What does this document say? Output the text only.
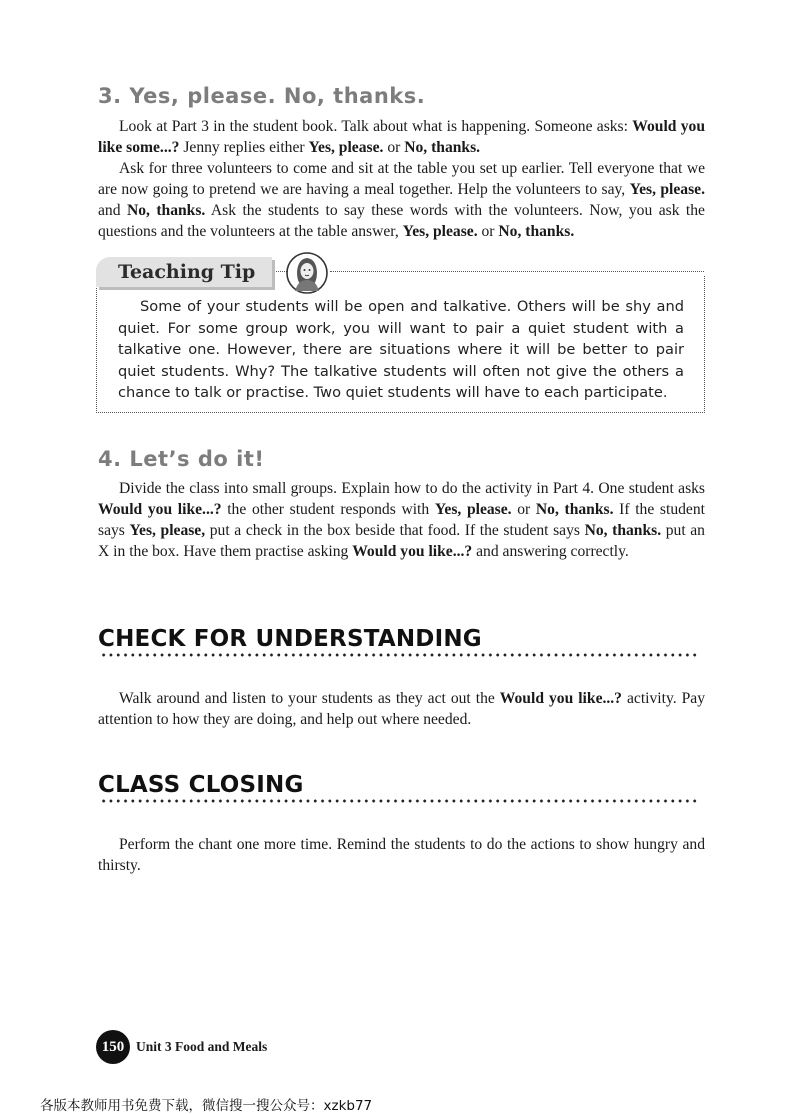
3. Yes, please. No, thanks.

Look at Part 3 in the student book. Talk about what is happening. Someone asks: Would you like some...? Jenny replies either Yes, please. or No, thanks.

Ask for three volunteers to come and sit at the table you set up earlier. Tell everyone that we are now going to pretend we are having a meal together. Help the volunteers to say, Yes, please. and No, thanks. Ask the students to say these words with the volunteers. Now, you ask the questions and the volunteers at the table answer, Yes, please. or No, thanks.

Teaching Tip

Some of your students will be open and talkative. Others will be shy and quiet. For some group work, you will want to pair a quiet student with a talkative one. However, there are situations where it will be better to pair quiet students. Why? The talkative students will often not give the others a chance to talk or practise. Two quiet students will have to each participate.

4. Let’s do it!

Divide the class into small groups. Explain how to do the activity in Part 4. One student asks Would you like...? the other student responds with Yes, please. or No, thanks. If the student says Yes, please, put a check in the box beside that food. If the student says No, thanks. put an X in the box. Have them practise asking Would you like...? and answering correctly.

CHECK FOR UNDERSTANDING

Walk around and listen to your students as they act out the Would you like...? activity. Pay attention to how they are doing, and help out where needed.

CLASS CLOSING

Perform the chant one more time. Remind the students to do the actions to show hungry and thirsty.

150 Unit 3 Food and Meals
各版本教师用书免费下载，微信搜一搜公众号：xzkb77
